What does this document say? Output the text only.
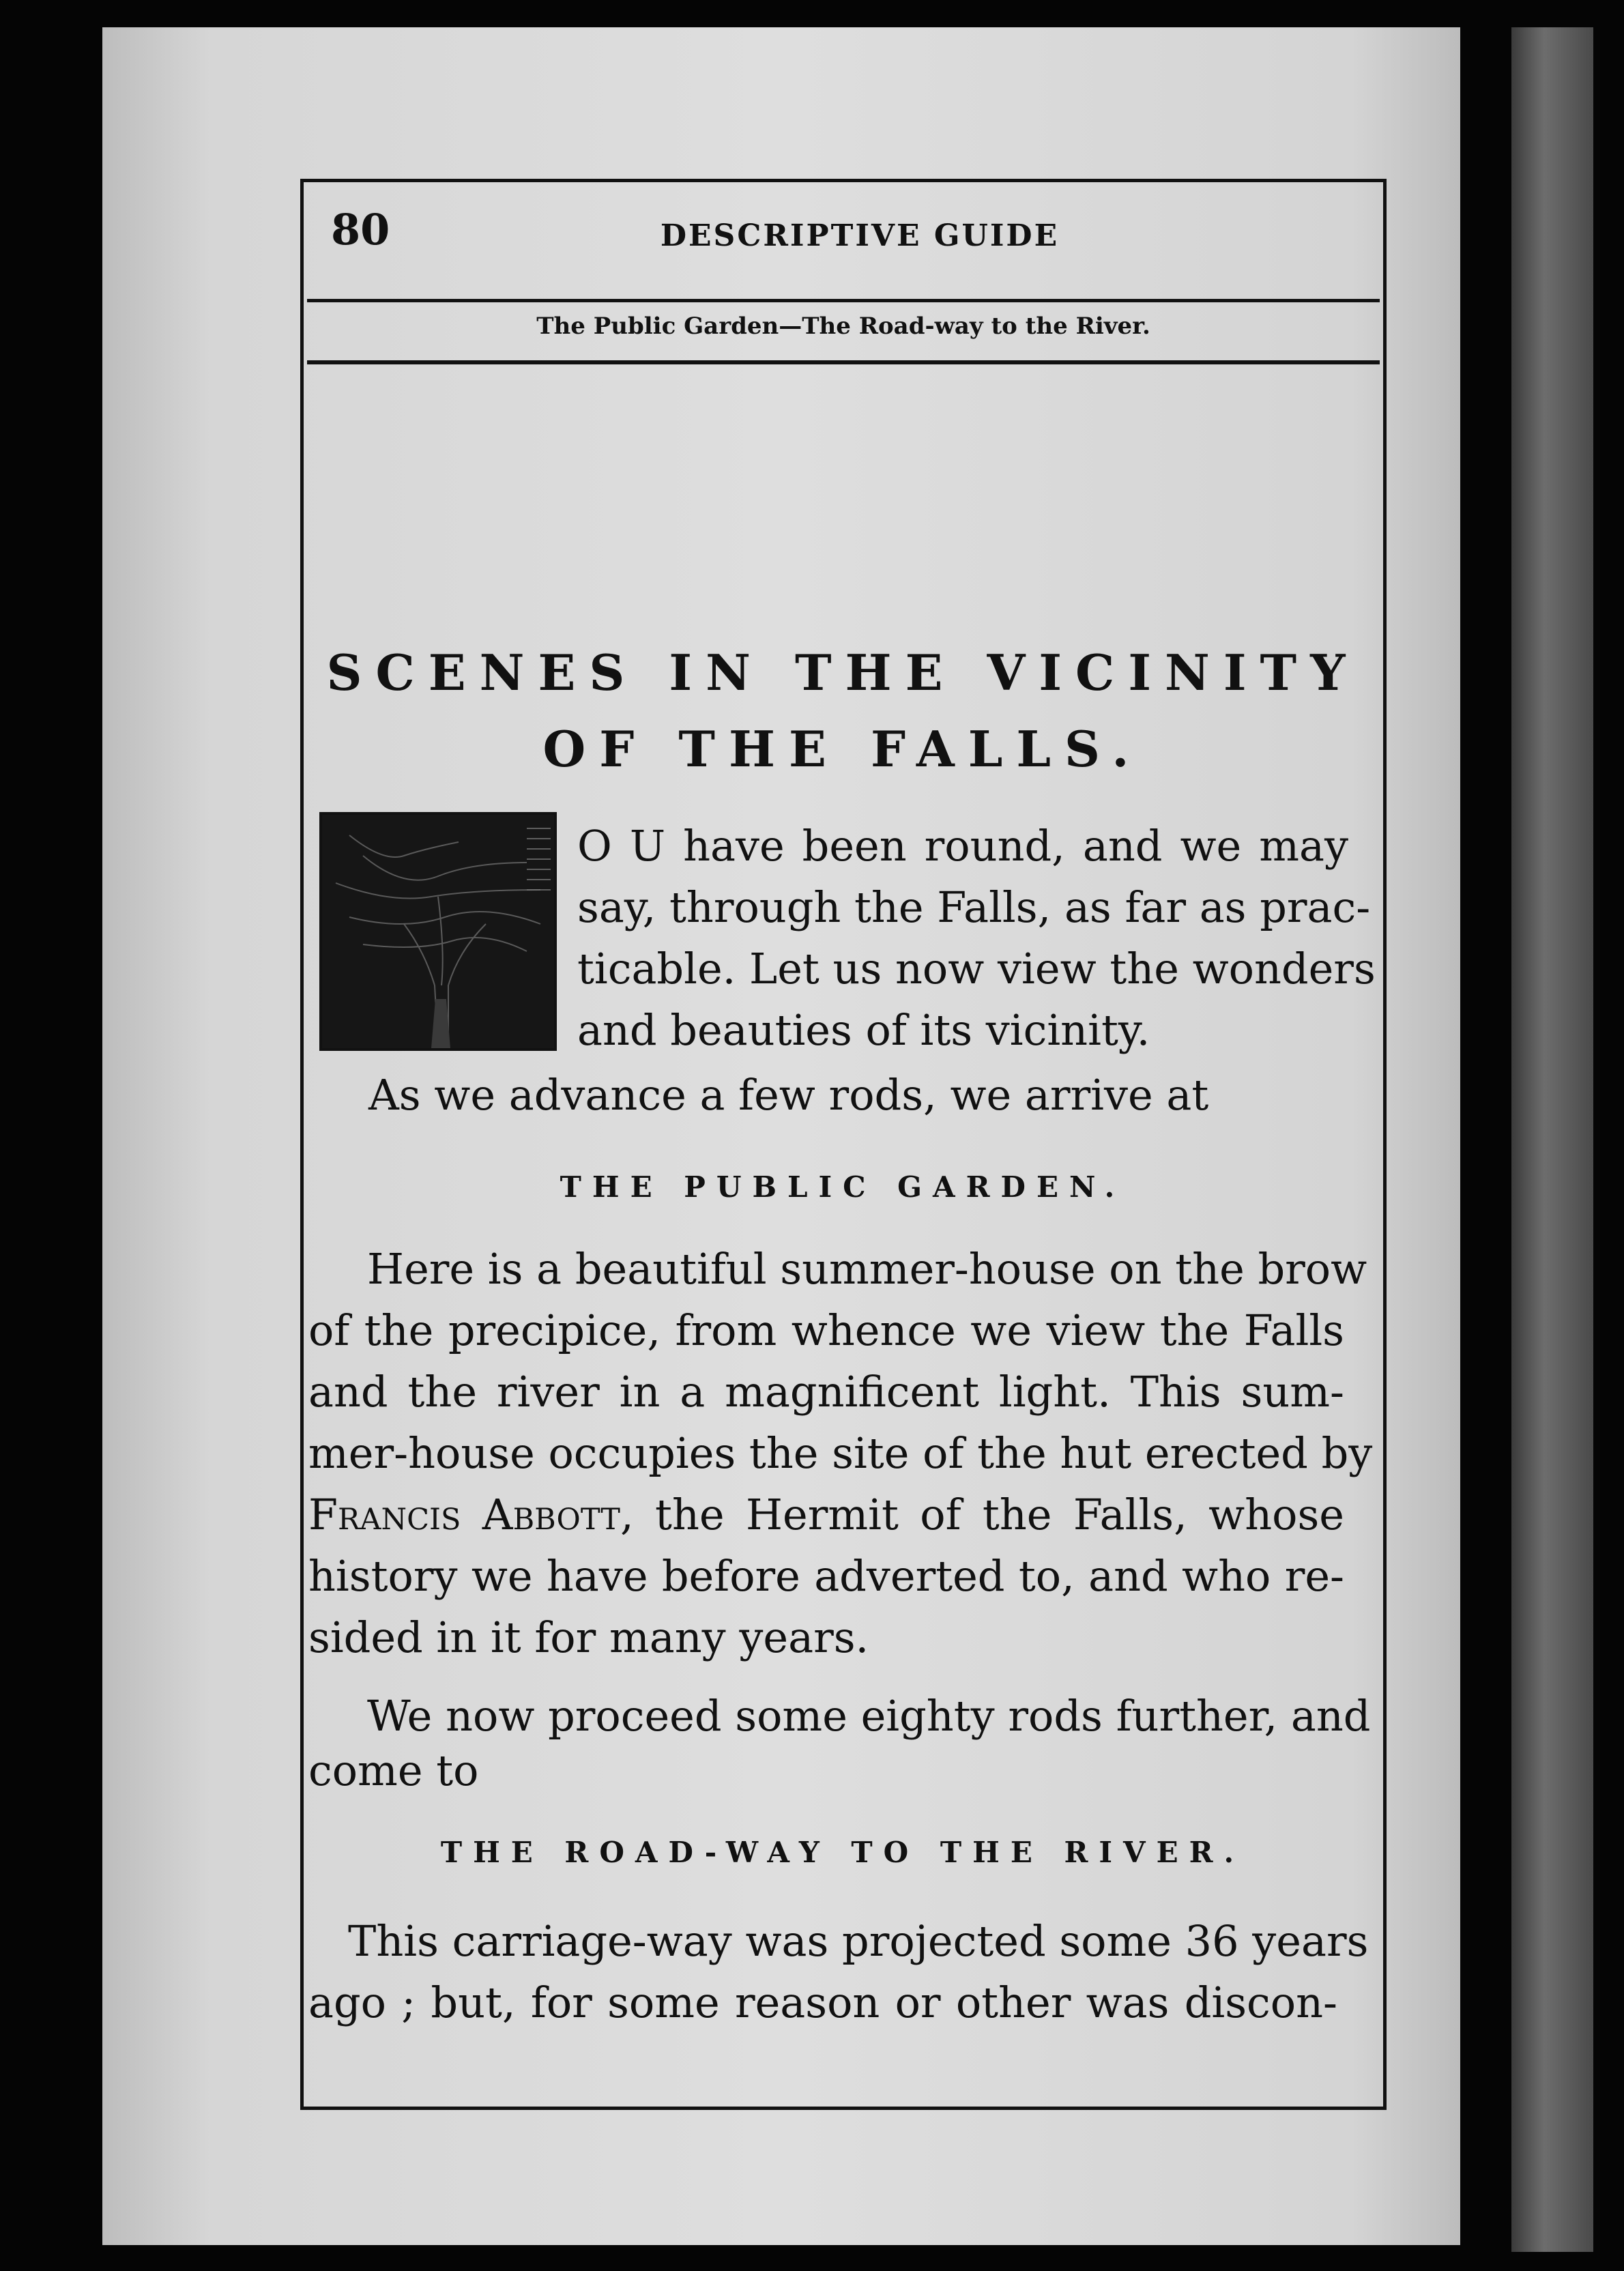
80	DESCRIPTIVE GUIDE
The Public Garden—The Road-way to the River.
SCENES IN THE VICINITY
OF THE FALLS.
O U have been round, and we may
say, through the Falls, as far as prac-
ticable. Let us now view the wonders
and beauties of its vicinity.
As we advance a few rods, we arrive at
THE PUBLIC GARDEN.
Here is a beautiful summer-house on the brow
of the precipice, from whence we view the Falls
and the river in a magnificent light. This sum-
mer-house occupies the site of the hut erected by
Francis Abbott, the Hermit of the Falls, whose
history we have before adverted to, and who re-
sided in it for many years.
We now proceed some eighty rods further, and
come to
THE ROAD-WAY TO THE RIVER.
This carriage-way was projected some 36 years
ago ; but, for some reason or other was discon-
